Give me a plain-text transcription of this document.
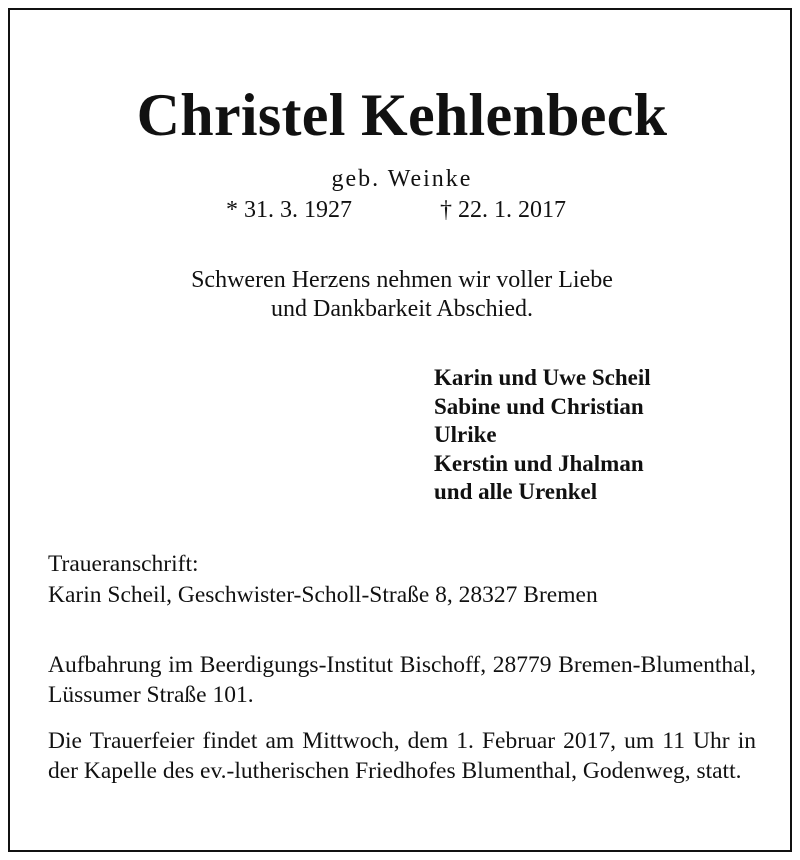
Christel Kehlenbeck
geb. Weinke
* 31. 3. 1927	† 22. 1. 2017
Schweren Herzens nehmen wir voller Liebe
und Dankbarkeit Abschied.
Karin und Uwe Scheil
Sabine und Christian
Ulrike
Kerstin und Jhalman
und alle Urenkel
Traueranschrift:
Karin Scheil, Geschwister-Scholl-Straße 8, 28327 Bremen

Aufbahrung im Beerdigungs-Institut Bischoff, 28779 Bremen-Blumenthal, Lüssumer Straße 101.

Die Trauerfeier findet am Mittwoch, dem 1. Februar 2017, um 11 Uhr in der Kapelle des ev.-lutherischen Friedhofes Blumenthal, Godenweg, statt.
